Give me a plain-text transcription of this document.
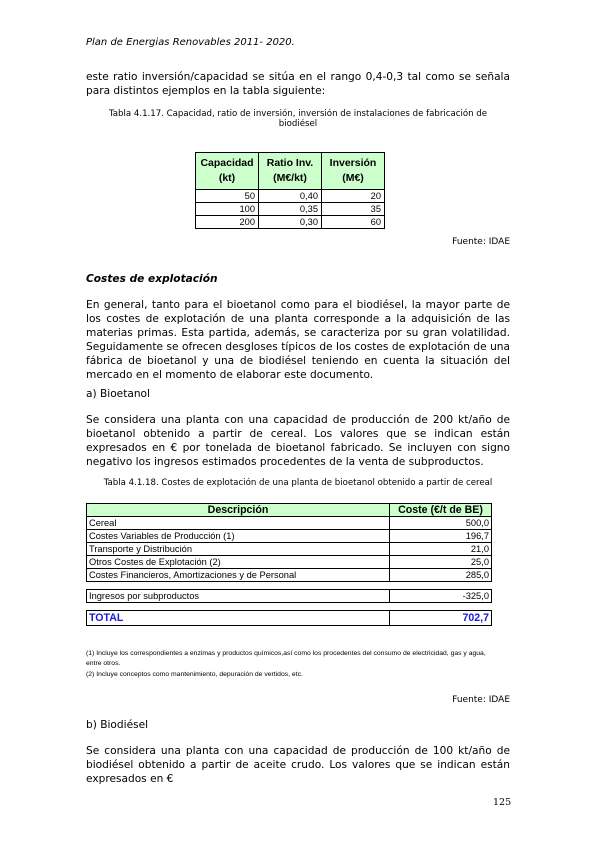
Plan de Energias Renovables 2011- 2020.
este ratio inversión/capacidad se sitúa en el rango 0,4-0,3 tal como se señala para distintos ejemplos en la tabla siguiente:
Tabla 4.1.17. Capacidad, ratio de inversión, inversión de instalaciones de fabricación de biodiésel
Capacidad (kt)	Ratio Inv. (M€/kt)	Inversión (M€)
50	0,40	20
100	0,35	35
200	0,30	60
Fuente: IDAE
Costes de explotación
En general, tanto para el bioetanol como para el biodiésel, la mayor parte de los costes de explotación de una planta corresponde a la adquisición de las materias primas. Esta partida, además, se caracteriza por su gran volatilidad. Seguidamente se ofrecen desgloses típicos de los costes de explotación de una fábrica de bioetanol y una de biodiésel teniendo en cuenta la situación del mercado en el momento de elaborar este documento.
a) Bioetanol
Se considera una planta con una capacidad de producción de 200 kt/año de bioetanol obtenido a partir de cereal. Los valores que se indican están expresados en € por tonelada de bioetanol fabricado. Se incluyen con signo negativo los ingresos estimados procedentes de la venta de subproductos.
Tabla 4.1.18. Costes de explotación de una planta de bioetanol obtenido a partir de cereal
Descripción	Coste (€/t de BE)
Cereal	500,0
Costes Variables de Producción (1)	196,7
Transporte y Distribución	21,0
Otros Costes de Explotación (2)	25,0
Costes Financieros, Amortizaciones y de Personal	285,0

Ingresos por subproductos	-325,0

TOTAL	702,7
(1) Incluye los correspondientes a enzimas y productos químicos,así como los procedentes del consumo de electricidad, gas y agua, entre otros.
(2) Incluye conceptos como mantenimiento, depuración de vertidos, etc.
Fuente: IDAE
b) Biodiésel
Se considera una planta con una capacidad de producción de 100 kt/año de biodiésel obtenido a partir de aceite crudo. Los valores que se indican están expresados en €
125
